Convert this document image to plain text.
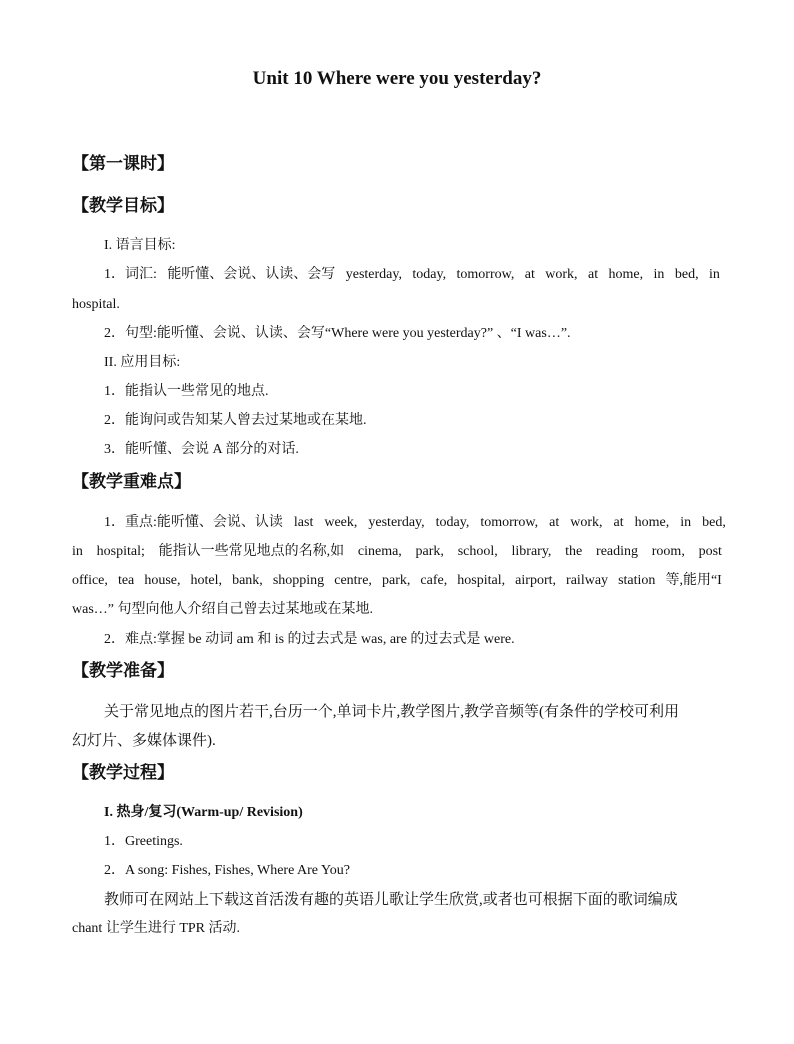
Unit 10 Where were you yesterday?
【第一课时】
【教学目标】
I. 语言目标:
1．词汇: 能听懂、会说、认读、会写 yesterday, today, tomorrow, at work, at home, in bed, in
hospital.
2．句型:能听懂、会说、认读、会写“Where were you yesterday?” 、“I was…”.
II. 应用目标:
1．能指认一些常见的地点.
2．能询问或告知某人曾去过某地或在某地.
3．能听懂、会说 A 部分的对话.
【教学重难点】
1．重点:能听懂、会说、认读 last week, yesterday, today, tomorrow, at work, at home, in bed,
in hospital; 能指认一些常见地点的名称,如 cinema, park, school, library, the reading room, post
office, tea house, hotel, bank, shopping centre, park, cafe, hospital, airport, railway station 等,能用“I
was…” 句型向他人介绍自己曾去过某地或在某地.
2．难点:掌握 be 动词 am 和 is 的过去式是 was, are 的过去式是 were.
【教学准备】
关于常见地点的图片若干,台历一个,单词卡片,教学图片,教学音频等(有条件的学校可利用
幻灯片、多媒体课件).
【教学过程】
I. 热身/复习(Warm-up/ Revision)
1．Greetings.
2．A song: Fishes, Fishes, Where Are You?
教师可在网站上下载这首活泼有趣的英语儿歌让学生欣赏,或者也可根据下面的歌词编成
chant 让学生进行 TPR 活动.
